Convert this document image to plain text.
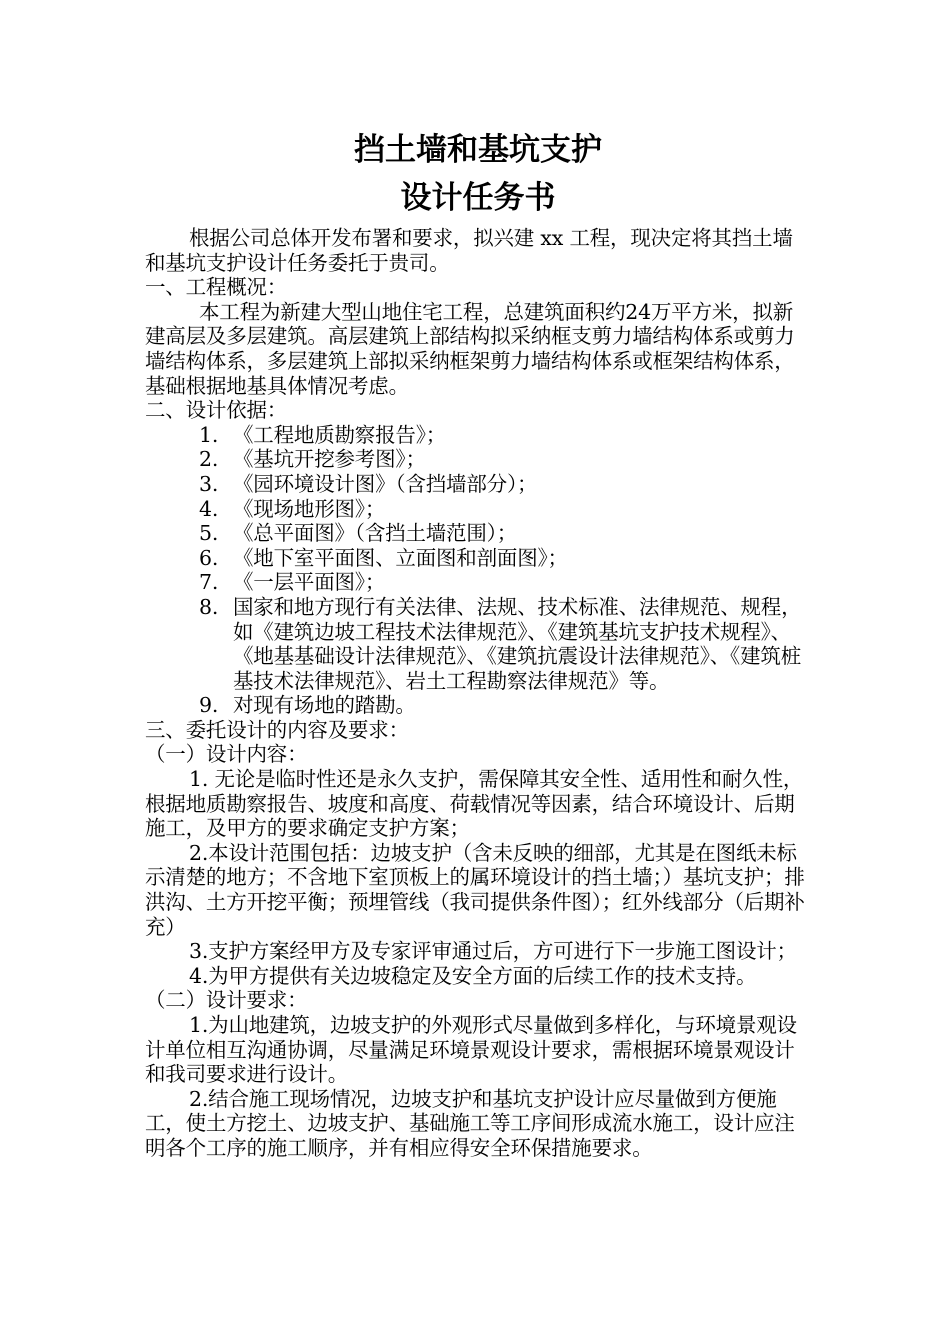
挡土墙和基坑支护
设计任务书

根据公司总体开发布署和要求，拟兴建 xx 工程，现决定将其挡土墙和基坑支护设计任务委托于贵司。

一、工程概况：

本工程为新建大型山地住宅工程，总建筑面积约24万平方米，拟新建高层及多层建筑。高层建筑上部结构拟采纳框支剪力墙结构体系或剪力墙结构体系，多层建筑上部拟采纳框架剪力墙结构体系或框架结构体系，基础根据地基具体情况考虑。

二、设计依据：

1. 《工程地质勘察报告》；
2. 《基坑开挖参考图》；
3. 《园环境设计图》（含挡墙部分）；
4. 《现场地形图》；
5. 《总平面图》（含挡土墙范围）；
6. 《地下室平面图、立面图和剖面图》；
7. 《一层平面图》；
8. 国家和地方现行有关法律、法规、技术标准、法律规范、规程，如《建筑边坡工程技术法律规范》、《建筑基坑支护技术规程》、《地基基础设计法律规范》、《建筑抗震设计法律规范》、《建筑桩基技术法律规范》、岩土工程勘察法律规范》等。
9. 对现有场地的踏勘。

三、委托设计的内容及要求：

（一）设计内容：

1. 无论是临时性还是永久支护，需保障其安全性、适用性和耐久性，根据地质勘察报告、坡度和高度、荷载情况等因素，结合环境设计、后期施工，及甲方的要求确定支护方案；

2.本设计范围包括：边坡支护（含未反映的细部，尤其是在图纸未标示清楚的地方；不含地下室顶板上的属环境设计的挡土墙；）基坑支护；排洪沟、土方开挖平衡；预埋管线（我司提供条件图）；红外线部分（后期补充）

3.支护方案经甲方及专家评审通过后，方可进行下一步施工图设计；

4.为甲方提供有关边坡稳定及安全方面的后续工作的技术支持。

（二）设计要求：

1.为山地建筑，边坡支护的外观形式尽量做到多样化，与环境景观设计单位相互沟通协调，尽量满足环境景观设计要求，需根据环境景观设计和我司要求进行设计。

2.结合施工现场情况，边坡支护和基坑支护设计应尽量做到方便施工，使土方挖土、边坡支护、基础施工等工序间形成流水施工，设计应注明各个工序的施工顺序，并有相应得安全环保措施要求。
